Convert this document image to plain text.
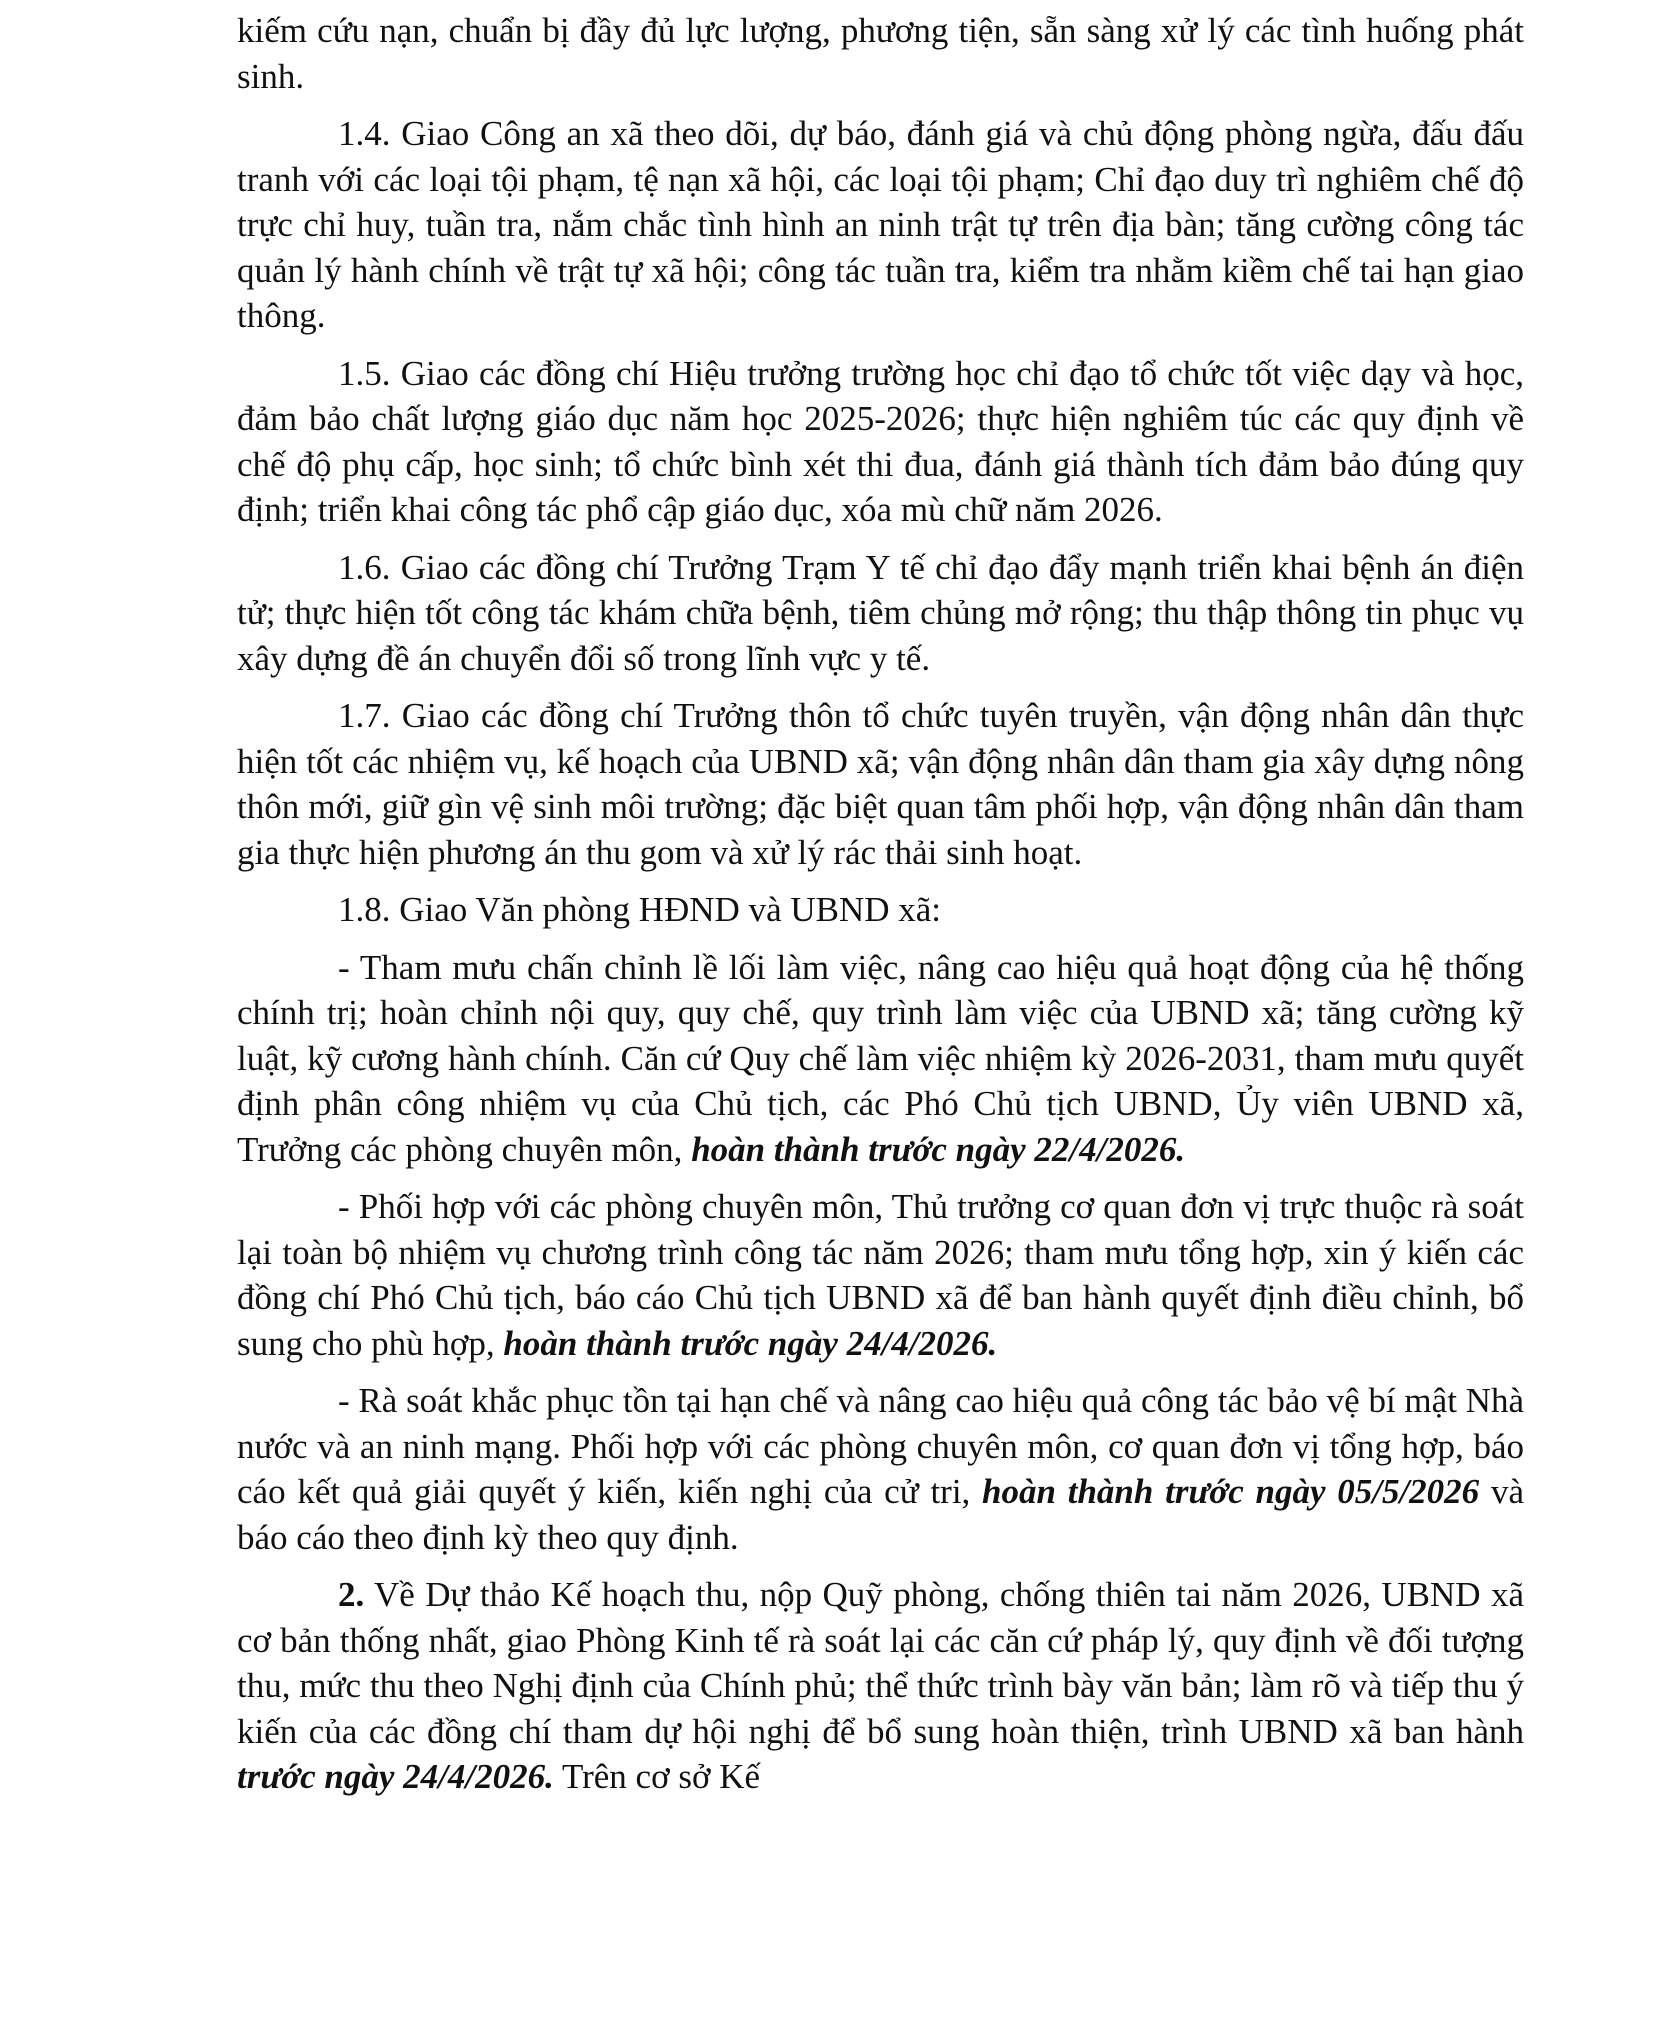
kiếm cứu nạn, chuẩn bị đầy đủ lực lượng, phương tiện, sẵn sàng xử lý các tình huống phát sinh.

1.4. Giao Công an xã theo dõi, dự báo, đánh giá và chủ động phòng ngừa, đấu đấu tranh với các loại tội phạm, tệ nạn xã hội, các loại tội phạm; Chỉ đạo duy trì nghiêm chế độ trực chỉ huy, tuần tra, nắm chắc tình hình an ninh trật tự trên địa bàn; tăng cường công tác quản lý hành chính về trật tự xã hội; công tác tuần tra, kiểm tra nhằm kiềm chế tai hạn giao thông.

1.5. Giao các đồng chí Hiệu trưởng trường học chỉ đạo tổ chức tốt việc dạy và học, đảm bảo chất lượng giáo dục năm học 2025-2026; thực hiện nghiêm túc các quy định về chế độ phụ cấp, học sinh; tổ chức bình xét thi đua, đánh giá thành tích đảm bảo đúng quy định; triển khai công tác phổ cập giáo dục, xóa mù chữ năm 2026.

1.6. Giao các đồng chí Trưởng Trạm Y tế chỉ đạo đẩy mạnh triển khai bệnh án điện tử; thực hiện tốt công tác khám chữa bệnh, tiêm chủng mở rộng; thu thập thông tin phục vụ xây dựng đề án chuyển đổi số trong lĩnh vực y tế.

1.7. Giao các đồng chí Trưởng thôn tổ chức tuyên truyền, vận động nhân dân thực hiện tốt các nhiệm vụ, kế hoạch của UBND xã; vận động nhân dân tham gia xây dựng nông thôn mới, giữ gìn vệ sinh môi trường; đặc biệt quan tâm phối hợp, vận động nhân dân tham gia thực hiện phương án thu gom và xử lý rác thải sinh hoạt.

1.8. Giao Văn phòng HĐND và UBND xã:

- Tham mưu chấn chỉnh lề lối làm việc, nâng cao hiệu quả hoạt động của hệ thống chính trị; hoàn chỉnh nội quy, quy chế, quy trình làm việc của UBND xã; tăng cường kỹ luật, kỹ cương hành chính. Căn cứ Quy chế làm việc nhiệm kỳ 2026-2031, tham mưu quyết định phân công nhiệm vụ của Chủ tịch, các Phó Chủ tịch UBND, Ủy viên UBND xã, Trưởng các phòng chuyên môn, hoàn thành trước ngày 22/4/2026.

- Phối hợp với các phòng chuyên môn, Thủ trưởng cơ quan đơn vị trực thuộc rà soát lại toàn bộ nhiệm vụ chương trình công tác năm 2026; tham mưu tổng hợp, xin ý kiến các đồng chí Phó Chủ tịch, báo cáo Chủ tịch UBND xã để ban hành quyết định điều chỉnh, bổ sung cho phù hợp, hoàn thành trước ngày 24/4/2026.

- Rà soát khắc phục tồn tại hạn chế và nâng cao hiệu quả công tác bảo vệ bí mật Nhà nước và an ninh mạng. Phối hợp với các phòng chuyên môn, cơ quan đơn vị tổng hợp, báo cáo kết quả giải quyết ý kiến, kiến nghị của cử tri, hoàn thành trước ngày 05/5/2026 và báo cáo theo định kỳ theo quy định.

2. Về Dự thảo Kế hoạch thu, nộp Quỹ phòng, chống thiên tai năm 2026, UBND xã cơ bản thống nhất, giao Phòng Kinh tế rà soát lại các căn cứ pháp lý, quy định về đối tượng thu, mức thu theo Nghị định của Chính phủ; thể thức trình bày văn bản; làm rõ và tiếp thu ý kiến của các đồng chí tham dự hội nghị để bổ sung hoàn thiện, trình UBND xã ban hành trước ngày 24/4/2026. Trên cơ sở Kế
